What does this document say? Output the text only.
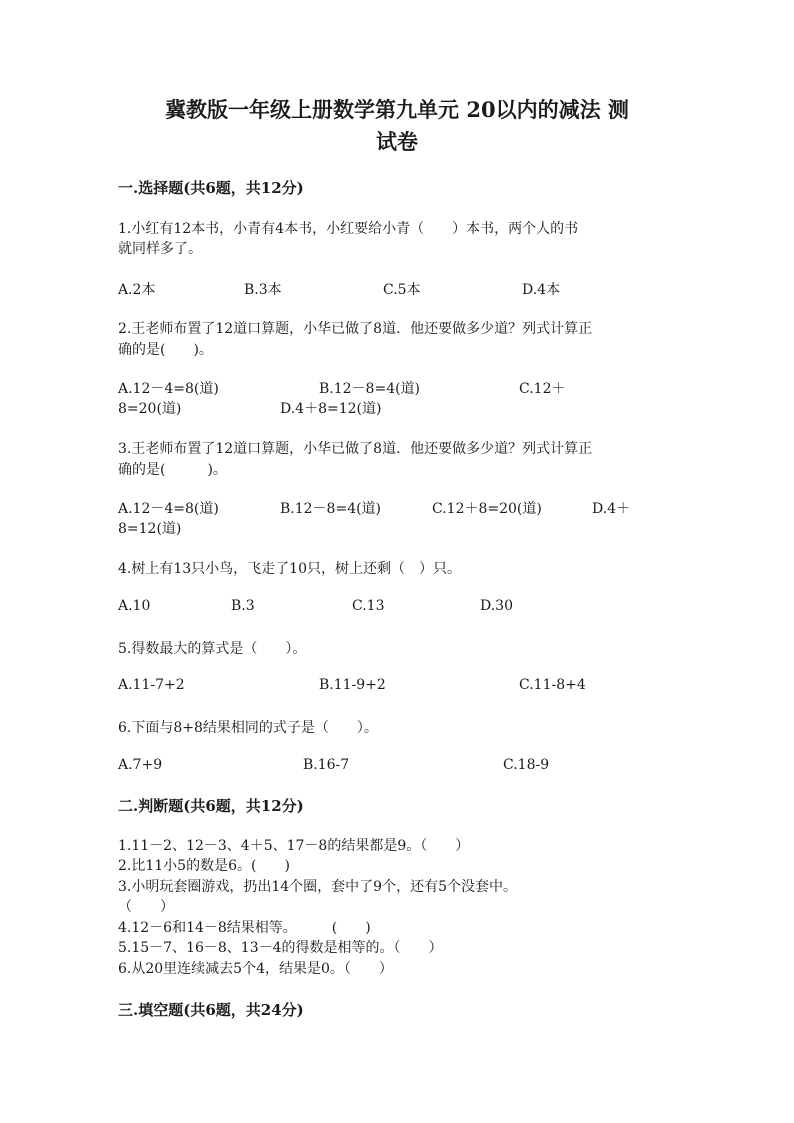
冀教版一年级上册数学第九单元 20以内的减法 测
试卷
一.选择题(共6题，共12分)
1.小红有12本书，小青有4本书，小红要给小青（　　）本书，两个人的书
就同样多了。
A.2本	B.3本	C.5本	D.4本
2.王老师布置了12道口算题，小华已做了8道．他还要做多少道？列式计算正
确的是(　　)。
A.12－4=8(道)	B.12－8=4(道)	C.12＋
8=20(道)	D.4＋8=12(道)
3.王老师布置了12道口算题，小华已做了8道．他还要做多少道？列式计算正
确的是(　　　)。
A.12－4=8(道)	B.12－8=4(道)	C.12＋8=20(道)	D.4＋
8=12(道)
4.树上有13只小鸟，飞走了10只，树上还剩（　）只。
A.10	B.3	C.13	D.30
5.得数最大的算式是（　　）。
A.11-7+2	B.11-9+2	C.11-8+4
6.下面与8+8结果相同的式子是（　　）。
A.7+9	B.16-7	C.18-9
二.判断题(共6题，共12分)
1.11－2、12－3、4＋5、17－8的结果都是9。（　　）
2.比11小5的数是6。(　　)
3.小明玩套圈游戏，扔出14个圈，套中了9个，还有5个没套中。
（　　）
4.12－6和14－8结果相等。　　　(　　)
5.15－7、16－8、13－4的得数是相等的。（　　）
6.从20里连续减去5个4，结果是0。（　　）
三.填空题(共6题，共24分)
